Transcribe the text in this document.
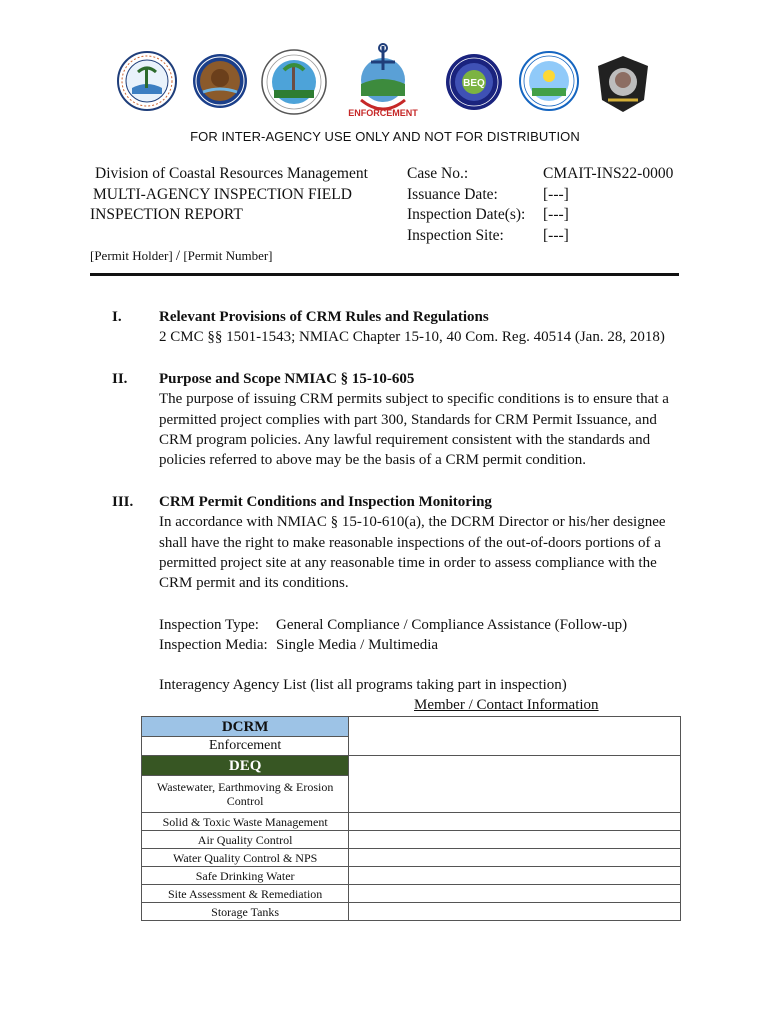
ENFORCEMENT
BEQ
FOR INTER-AGENCY USE ONLY AND NOT FOR DISTRIBUTION
Division of Coastal Resources Management
MULTI-AGENCY INSPECTION FIELD
INSPECTION REPORT
Case No.:	CMAIT-INS22-0000
Issuance Date:	[---]
Inspection Date(s):	[---]
Inspection Site:	[---]
[Permit Holder] / [Permit Number]
I. Relevant Provisions of CRM Rules and Regulations

2 CMC §§ 1501-1543; NMIAC Chapter 15-10, 40 Com. Reg. 40514 (Jan. 28, 2018)

II. Purpose and Scope NMIAC § 15-10-605
The purpose of issuing CRM permits subject to specific conditions is to ensure that a
permitted project complies with part 300, Standards for CRM Permit Issuance, and
CRM program policies. Any lawful requirement consistent with the standards and
policies referred to above may be the basis of a CRM permit condition.
III. CRM Permit Conditions and Inspection Monitoring
In accordance with NMIAC § 15-10-610(a), the DCRM Director or his/her designee
shall have the right to make reasonable inspections of the out-of-doors portions of a
permitted project site at any reasonable time in order to assess compliance with the
CRM permit and its conditions.
Inspection Type: General Compliance / Compliance Assistance (Follow-up)
Inspection Media: Single Media / Multimedia
Interagency Agency List (list all programs taking part in inspection)
Member / Contact Information
DCRM	
Enforcement	
DEQ	
Wastewater, Earthmoving & Erosion Control	
Solid & Toxic Waste Management	
Air Quality Control	
Water Quality Control & NPS	
Safe Drinking Water	
Site Assessment & Remediation	
Storage Tanks	
